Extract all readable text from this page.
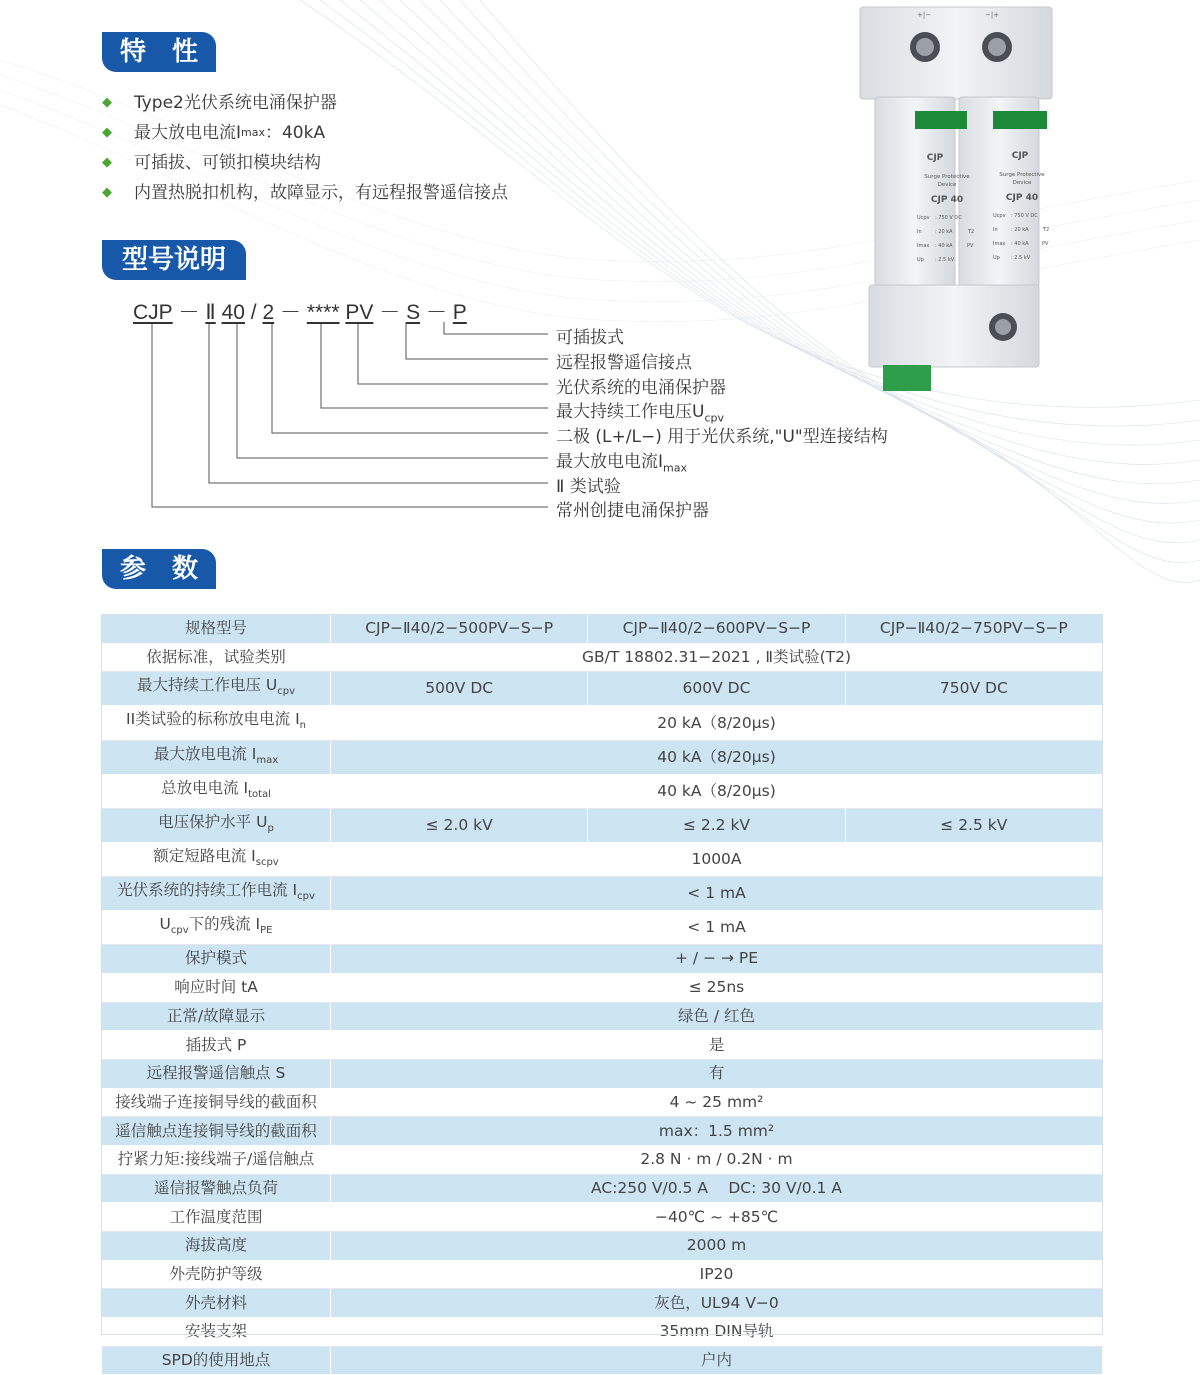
特　性
型号说明
参　数
◆	Type2光伏系统电涌保护器
◆	最大放电电流I max ：40kA
◆	可插拔、可锁扣模块结构
◆	内置热脱扣机构，故障显示，有远程报警遥信接点
CJP － Ⅱ 40 / 2 － **** PV － S － P
可插拔式
远程报警遥信接点
光伏系统的电涌保护器
最大持续工作电压$U_{cpv}$
二极 (L+/L−) 用于光伏系统,"U"型连接结构
最大放电电流$I_{max}$
Ⅱ 类试验
常州创捷电涌保护器
+|−	−|+
CJP
Surge Protective
Device
CJP 40
Ucpv : 750 V DC
In	: 20 kA	T2
Imax : 40 kA	PV
Up : 2.5 kV
CJP
Surge Protective
Device
CJP 40
Ucpv : 750 V DC
In	: 20 kA	T2
Imax : 40 kA	PV
Up : 2.5 kV
规格型号	CJP−Ⅱ40/2−500PV−S−P	CJP−Ⅱ40/2−600PV−S−P	CJP−Ⅱ40/2−750PV−S−P
依据标准，试验类别	GB/T 18802.31−2021 , Ⅱ类试验(T2)		
最大持续工作电压 $U_{cpv}$	500V DC	600V DC	750V DC
II类试验的标称放电电流 $I_n$	20 kA（8/20μs)		
最大放电电流 $I_{max}$	40 kA（8/20μs)		
总放电电流 $I_{total}$	40 kA（8/20μs)		
电压保护水平 $U_p$	≤ 2.0 kV	≤ 2.2 kV	≤ 2.5 kV
额定短路电流 $I_{scpv}$	1000A		
光伏系统的持续工作电流 $I_{cpv}$	< 1 mA		
$U_{cpv}$下的残流 $I_{PE}$	< 1 mA		
保护模式	+ / − → PE		
响应时间 tA	≤ 25ns		
正常/故障显示	绿色 / 红色		
插拔式 P	是		
远程报警遥信触点 S	有		
接线端子连接铜导线的截面积	4 ~ 25 mm²		
遥信触点连接铜导线的截面积	max：1.5 mm²		
拧紧力矩:接线端子/遥信触点	2.8 N · m / 0.2N · m		
遥信报警触点负荷	AC:250 V/0.5 A　 DC: 30 V/0.1 A		
工作温度范围	−40℃ ~ +85℃		
海拔高度	2000 m		
外壳防护等级	IP20		
外壳材料	灰色，UL94 V−0		
安装支架	35mm DIN导轨		
SPD的使用地点	户内		
